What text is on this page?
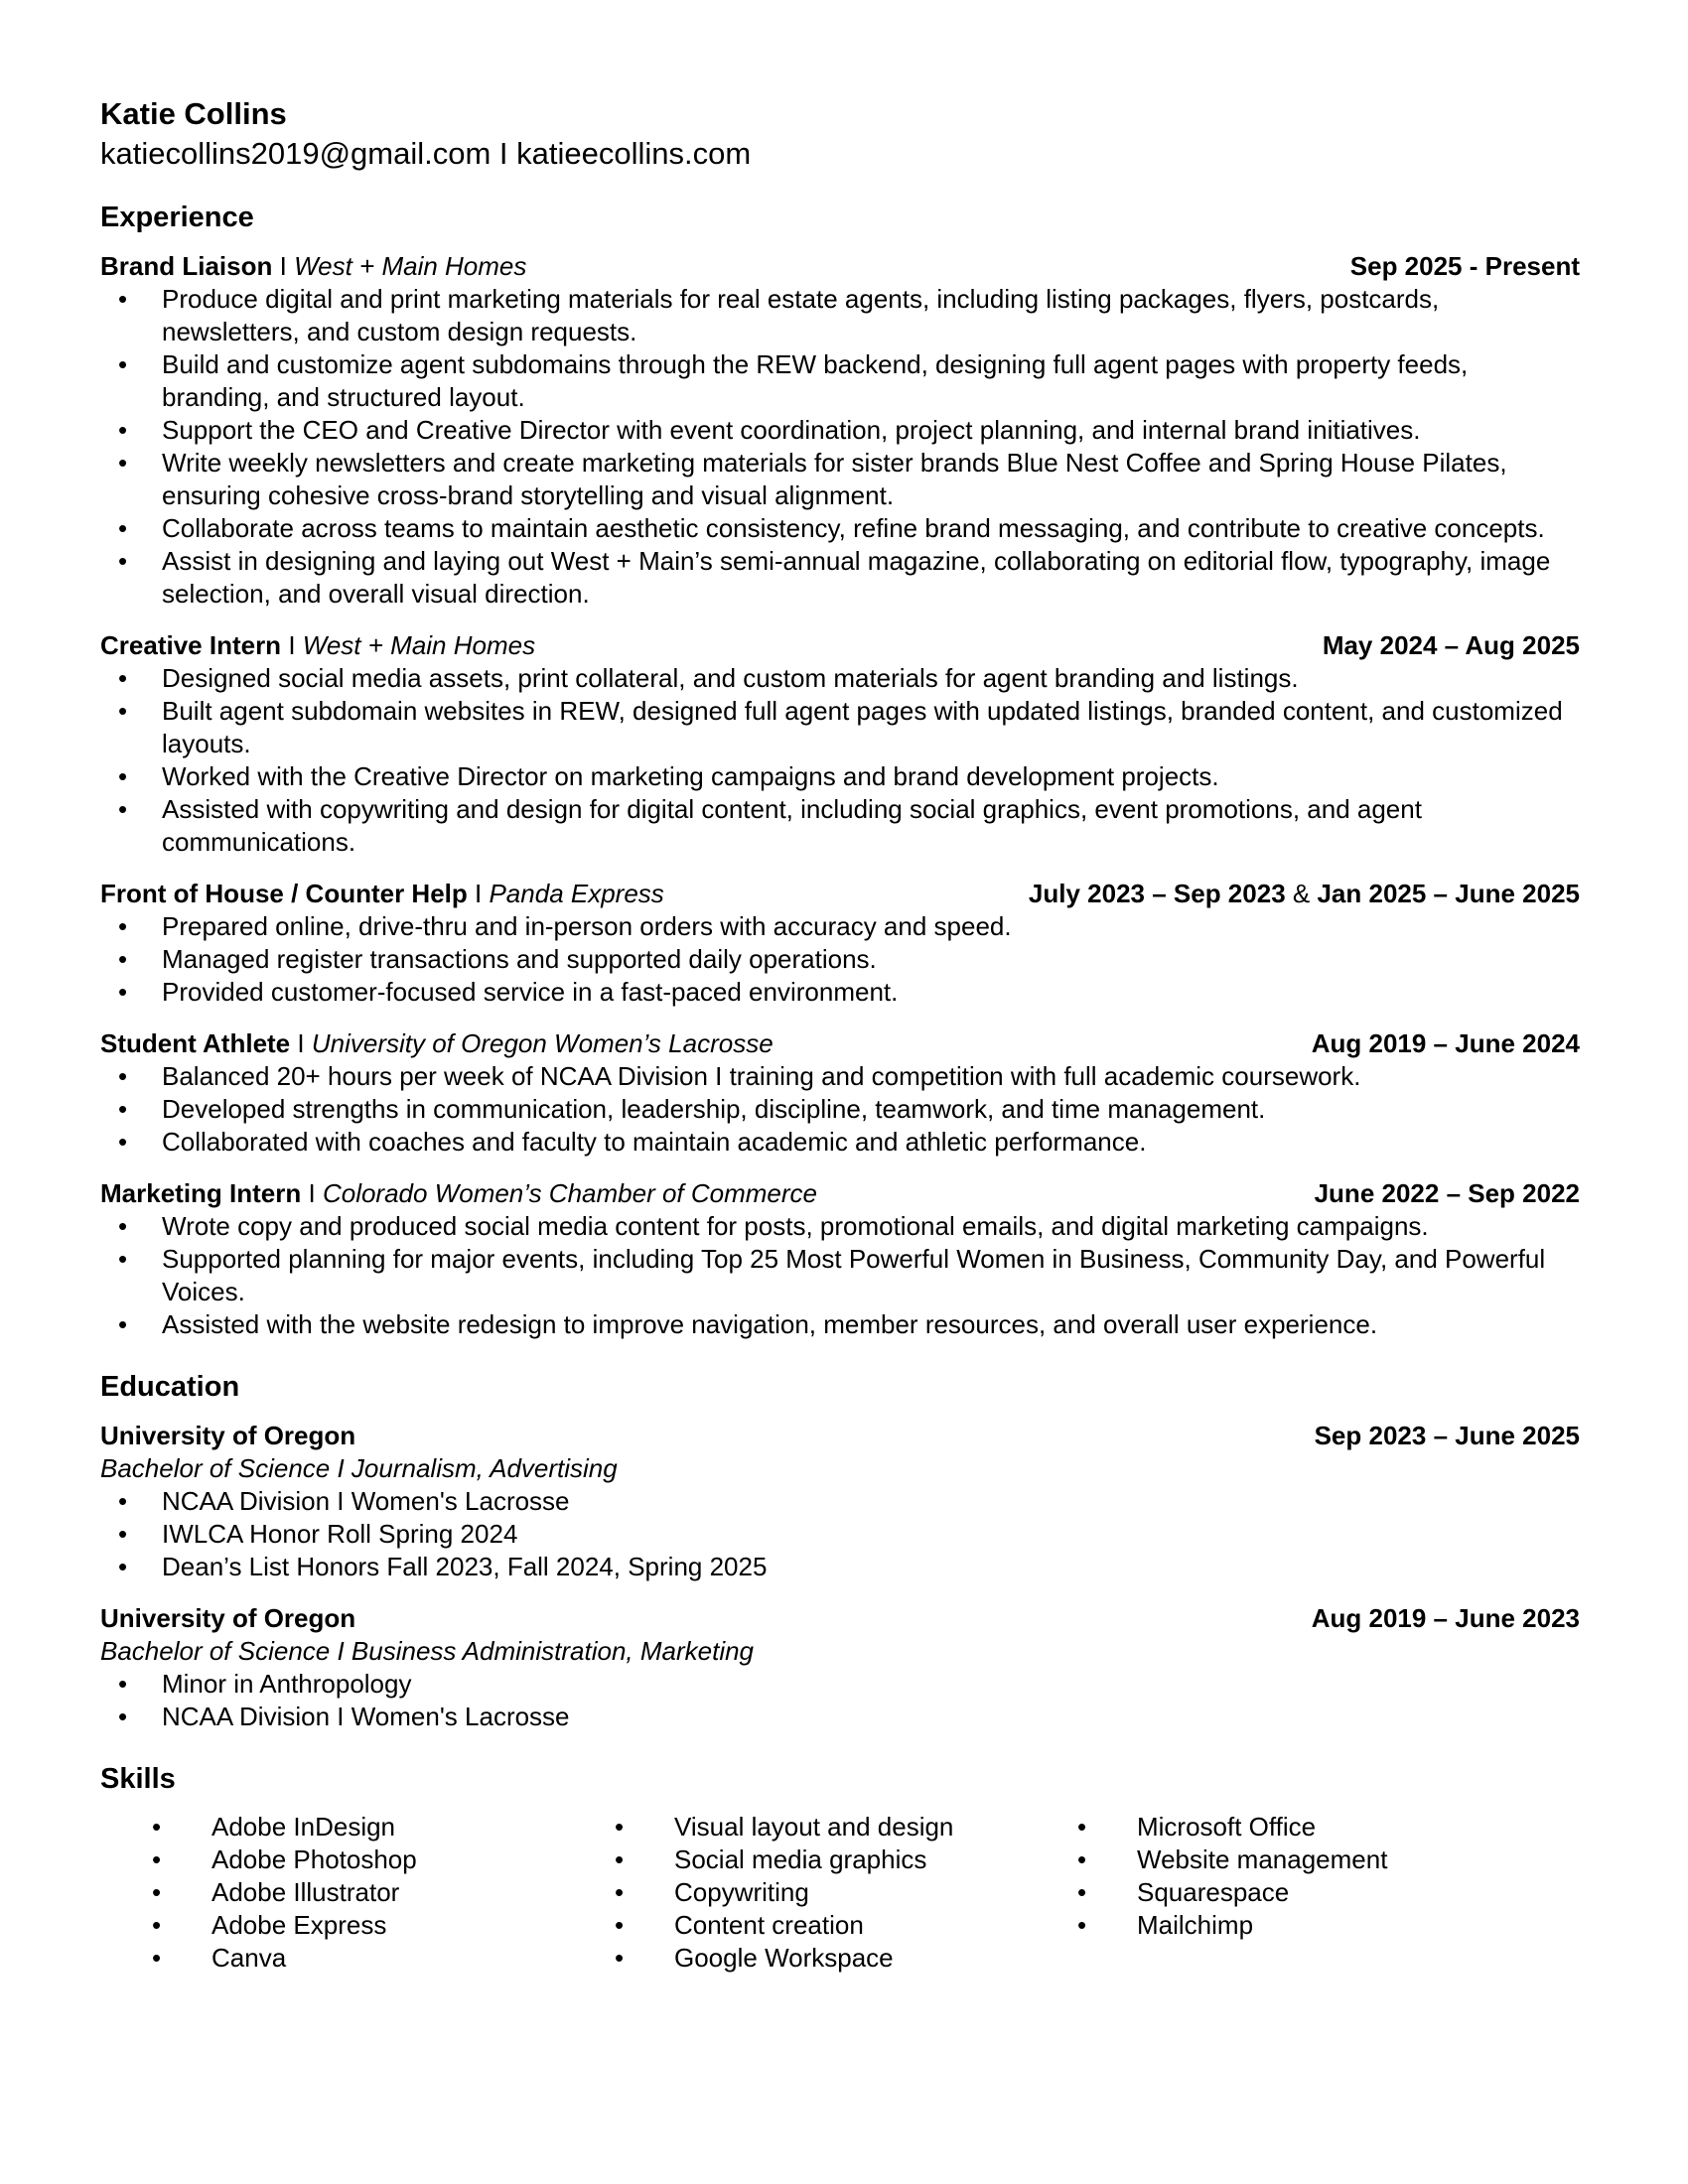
Katie Collins
katiecollins2019@gmail.com I katieecollins.com
Experience
Brand Liaison I West + Main Homes	Sep 2025 - Present
• Produce digital and print marketing materials for real estate agents, including listing packages, flyers, postcards, newsletters, and custom design requests.
• Build and customize agent subdomains through the REW backend, designing full agent pages with property feeds, branding, and structured layout.
• Support the CEO and Creative Director with event coordination, project planning, and internal brand initiatives.
• Write weekly newsletters and create marketing materials for sister brands Blue Nest Coffee and Spring House Pilates, ensuring cohesive cross-brand storytelling and visual alignment.
• Collaborate across teams to maintain aesthetic consistency, refine brand messaging, and contribute to creative concepts.
• Assist in designing and laying out West + Main’s semi-annual magazine, collaborating on editorial flow, typography, image selection, and overall visual direction.
Creative Intern I West + Main Homes	May 2024 – Aug 2025
• Designed social media assets, print collateral, and custom materials for agent branding and listings.
• Built agent subdomain websites in REW, designed full agent pages with updated listings, branded content, and customized layouts.
• Worked with the Creative Director on marketing campaigns and brand development projects.
• Assisted with copywriting and design for digital content, including social graphics, event promotions, and agent communications.
Front of House / Counter Help I Panda Express	July 2023 – Sep 2023 & Jan 2025 – June 2025
• Prepared online, drive-thru and in-person orders with accuracy and speed.
• Managed register transactions and supported daily operations.
• Provided customer-focused service in a fast-paced environment.
Student Athlete I University of Oregon Women’s Lacrosse	Aug 2019 – June 2024
• Balanced 20+ hours per week of NCAA Division I training and competition with full academic coursework.
• Developed strengths in communication, leadership, discipline, teamwork, and time management.
• Collaborated with coaches and faculty to maintain academic and athletic performance.
Marketing Intern I Colorado Women’s Chamber of Commerce	June 2022 – Sep 2022
• Wrote copy and produced social media content for posts, promotional emails, and digital marketing campaigns.
• Supported planning for major events, including Top 25 Most Powerful Women in Business, Community Day, and Powerful Voices.
• Assisted with the website redesign to improve navigation, member resources, and overall user experience.
Education
University of Oregon	Sep 2023 – June 2025
Bachelor of Science I Journalism, Advertising
• NCAA Division I Women's Lacrosse
• IWLCA Honor Roll Spring 2024
• Dean’s List Honors Fall 2023, Fall 2024, Spring 2025
University of Oregon	Aug 2019 – June 2023
Bachelor of Science I Business Administration, Marketing
• Minor in Anthropology
• NCAA Division I Women's Lacrosse
Skills
• Adobe InDesign
• Adobe Photoshop
• Adobe Illustrator
• Adobe Express
• Canva
• Visual layout and design
• Social media graphics
• Copywriting
• Content creation
• Google Workspace
• Microsoft Office
• Website management
• Squarespace
• Mailchimp
